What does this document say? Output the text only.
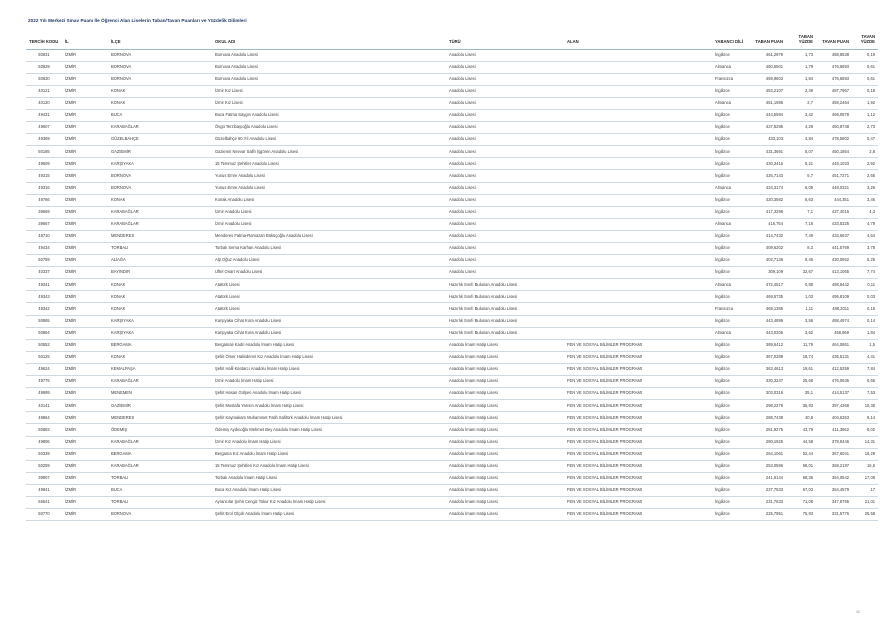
2022 Yılı Merkezi Sınav Puanı İle Öğrenci Alan Liselerin Taban/Tavan Puanları ve Yüzdelik Dilimleri
TERCİH KODU	İL	İLÇE	OKUL ADI	TÜRÜ	ALAN	YABANCI DİLİ	TABAN PUAN	TABAN YÜZDE	TAVAN PUAN	TAVAN YÜZDE
50831	İZMİR	BORNOVA	Bornova Anadolu Lisesi	Anadolu Lisesi		İngilizce	461,2979	1,73	488,8538	0,19
50829	İZMİR	BORNOVA	Bornova Anadolu Lisesi	Anadolu Lisesi		Almanca	460,5501	1,79	476,6893	0,61
50830	İZMİR	BORNOVA	Bornova Anadolu Lisesi	Anadolu Lisesi		Fransızca	459,9603	1,84	476,6893	0,61
40121	İZMİR	KONAK	İzmir Kız Lisesi	Anadolu Lisesi		İngilizce	453,2107	2,49	487,7967	0,18
40120	İZMİR	KONAK	İzmir Kız Lisesi	Anadolu Lisesi		Almanca	451,1986	2,7	459,2464	1,92
49431	İZMİR	BUCA	Buca Fatma Saygın Anadolu Lisesi	Anadolu Lisesi		İngilizce	444,5594	3,42	469,0878	1,12
49607	İZMİR	KARABAĞLAR	Övgü Terzibaşıoğlu Anadolu Lisesi	Anadolu Lisesi		İngilizce	437,5295	4,29	450,8748	2,73
49369	İZMİR	GÜZELBAHÇE	Güzelbahçe 60.Yıl Anadolu Lisesi	Anadolu Lisesi		İngilizce	433,103	4,84	478,5802	0,47
50185	İZMİR	GAZİEMİR	Gaziemir Nevvar Salih İşgören Anadolu Lisesi	Anadolu Lisesi		İngilizce	431,3691	5,07	450,1864	2,8
49609	İZMİR	KARŞIYAKA	15 Temmuz Şehitler Anadolu Lisesi	Anadolu Lisesi		İngilizce	430,3416	5,21	449,1033	2,92
49315	İZMİR	BORNOVA	Yunus Emre Anadolu Lisesi	Anadolu Lisesi		İngilizce	426,7143	5,7	451,7271	2,65
49316	İZMİR	BORNOVA	Yunus Emre Anadolu Lisesi	Anadolu Lisesi		Almanca	424,3174	6,09	448,0321	3,26
49766	İZMİR	KONAK	Konak Anadolu Lisesi	Anadolu Lisesi		İngilizce	420,3582	6,63	444,351	3,46
39669	İZMİR	KARABAĞLAR	İzmir Anadolu Lisesi	Anadolu Lisesi		İngilizce	417,3296	7,1	437,4016	4,3
39667	İZMİR	KARABAĞLAR	İzmir Anadolu Lisesi	Anadolu Lisesi		Almanca	416,754	7,18	433,5325	4,79
49710	İZMİR	MENDERES	Menderes Fatma-Ramazan Büküçoğlu Anadolu Lisesi	Anadolu Lisesi		İngilizce	414,7432	7,49	434,6637	4,64
49434	İZMİR	TORBALI	Torbalı Sema Karhan Anadolu Lisesi	Anadolu Lisesi		İngilizce	409,6202	8,3	441,5769	3,78
50759	İZMİR	ALİAĞA	Alp Oğuz Anadolu Lisesi	Anadolu Lisesi		İngilizce	402,7136	9,46	430,0652	5,25
40337	İZMİR	BAYINDIR	Uftel Onart Anadolu Lisesi	Anadolu Lisesi		İngilizce	309,109	32,67	413,1065	7,74
49341	İZMİR	KONAK	Atatürk Lisesi	Hazırlık Sınıfı Bulunan Anadolu Lisesi		Almanca	472,4517	0,88	488,8442	0,11
49343	İZMİR	KONAK	Atatürk Lisesi	Hazırlık Sınıfı Bulunan Anadolu Lisesi		İngilizce	469,5735	1,03	495,8109	0,03
49342	İZMİR	KONAK	Atatürk Lisesi	Hazırlık Sınıfı Bulunan Anadolu Lisesi		Fransızca	469,1385	1,11	488,2011	0,15
50865	İZMİR	KARŞIYAKA	Karşıyaka Cihat Kora Anadolu Lisesi	Hazırlık Sınıfı Bulunan Anadolu Lisesi		İngilizce	443,4899	3,56	488,4974	0,14
50864	İZMİR	KARŞIYAKA	Karşıyaka Cihat Kora Anadolu Lisesi	Hazırlık Sınıfı Bulunan Anadolu Lisesi		Almanca	443,0206	3,62	458,969	1,84
50552	İZMİR	BERGAMA	Bergamalı Kadri Anadolu İmam Hatip Lisesi	Anadolu İmam Hatip Lisesi	FEN VE SOSYAL BİLİMLER PROGRAMI	İngilizce	389,6412	11,79	464,0861	1,5
50125	İZMİR	KONAK	Şehit Ömer Halisdemir Kız Anadolu İmam Hatip Lisesi	Anadolu İmam Hatip Lisesi	FEN VE SOSYAL BİLİMLER PROGRAMI	İngilizce	367,0289	18,74	436,5131	4,41
49624	İZMİR	KEMALPAŞA	Şehit Halil Kantarcı Anadolu İmam Hatip Lisesi	Anadolu İmam Hatip Lisesi	FEN VE SOSYAL BİLİMLER PROGRAMI	İngilizce	363,4613	19,61	412,5259	7,84
49775	İZMİR	KARABAĞLAR	İzmir Anadolu İmam Hatip Lisesi	Anadolu İmam Hatip Lisesi	FEN VE SOSYAL BİLİMLER PROGRAMI	İngilizce	330,3247	25,68	476,0635	0,65
49999	İZMİR	MENEMEN	Şehit Hasan Gülşen Anadolu İmam Hatip Lisesi	Anadolu İmam Hatip Lisesi	FEN VE SOSYAL BİLİMLER PROGRAMI	İngilizce	303,0316	35,1	414,5137	7,53
40141	İZMİR	GAZİEMİR	Şehit Mustafa Yarısın Anadolu İmam Hatip Lisesi	Anadolu İmam Hatip Lisesi	FEN VE SOSYAL BİLİMLER PROGRAMI	İngilizce	298,2276	36,93	397,4368	10,38
49864	İZMİR	MENDERES	Şehit Kaymakam Muhammet Fatih Safitürk Anadolu İmam Hatip Lisesi	Anadolu İmam Hatip Lisesi	FEN VE SOSYAL BİLİMLER PROGRAMI	İngilizce	288,7438	40,8	404,6363	9,14
50883	İZMİR	ÖDEMİŞ	Ödemiş Aydınoğlu Mehmet Bey Anadolu İmam Hatip Lisesi	Anadolu İmam Hatip Lisesi	FEN VE SOSYAL BİLİMLER PROGRAMI	İngilizce	281,9275	43,79	411,3662	8,02
49806	İZMİR	KARABAĞLAR	İzmir Kız Anadolu İmam Hatip Lisesi	Anadolu İmam Hatip Lisesi	FEN VE SOSYAL BİLİMLER PROGRAMI	İngilizce	280,1925	44,58	378,9446	14,31
50339	İZMİR	BERGAMA	Bergama Kız Anadolu İmam Hatip Lisesi	Anadolu İmam Hatip Lisesi	FEN VE SOSYAL BİLİMLER PROGRAMI	İngilizce	264,1061	52,44	367,6041	16,28
50259	İZMİR	KARABAĞLAR	15 Temmuz Şehitleri Kız Anadolu İmam Hatip Lisesi	Anadolu İmam Hatip Lisesi	FEN VE SOSYAL BİLİMLER PROGRAMI	İngilizce	253,0596	58,01	368,2197	16,6
39907	İZMİR	TORBALI	Torbalı Anadolu İmam Hatip Lisesi	Anadolu İmam Hatip Lisesi	FEN VE SOSYAL BİLİMLER PROGRAMI	İngilizce	241,6144	68,36	364,0542	17,08
49841	İZMİR	BUCA	Buca Kız Anadolu İmam Hatip Lisesi	Anadolu İmam Hatip Lisesi	FEN VE SOSYAL BİLİMLER PROGRAMI	İngilizce	237,7533	67,03	364,4579	17
65541	İZMİR	TORBALI	Ayrancılar Şehit Cengiz Tokur Kız Anadolu İmam Hatip Lisesi	Anadolu İmam Hatip Lisesi	FEN VE SOSYAL BİLİMLER PROGRAMI	İngilizce	231,7633	71,08	347,8765	21,01
50770	İZMİR	BORNOVA	Şehit Erol Olçok Anadolu İmam Hatip Lisesi	Anadolu İmam Hatip Lisesi	FEN VE SOSYAL BİLİMLER PROGRAMI	İngilizce	225,7951	75,93	331,5776	25,58
42
